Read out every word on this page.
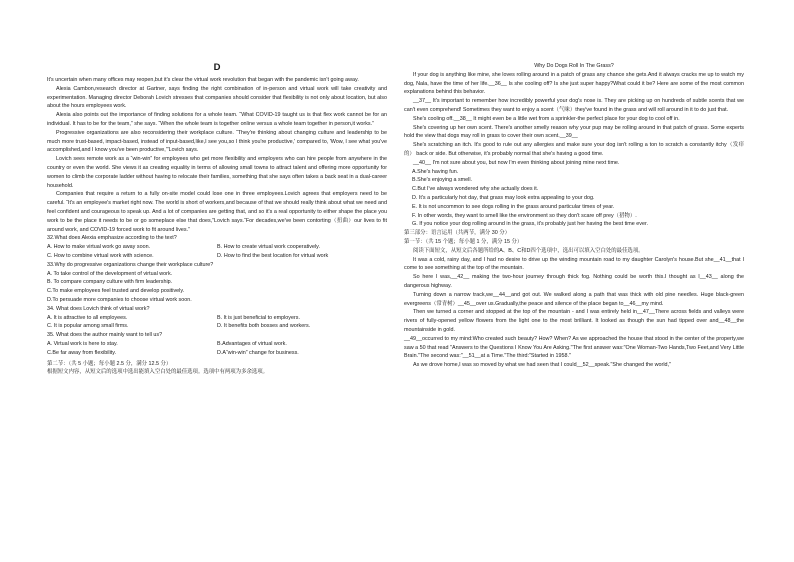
D

It's uncertain when many offices may reopen,but it's clear the virtual work revolution that began with the pandemic isn't going away.

Alexia Cambon,research director at Gartner, says finding the right combination of in-person and virtual work will take creativity and experimentation. Managing director Deborah Lovich stresses that companies should consider that flexibility is not only about location, but also about the hours employees work.

Alexia also points out the importance of finding solutions for a whole team. “What COVID-19 taught us is that flex work cannot be for an individual. It has to be for the team,” she says. “When the whole team is together online versus a whole team together in person,it works.”

Progressive organizations are also reconsidering their workplace culture. “They're thinking about changing culture and leadership to be much more trust-based, impact-based, instead of input-based,like,I see you,so I think you're productive,' compared to, 'Wow, I see what you've accomplished,and I know you've been productive,'”Lovich says.

Lovich sees remote work as a “win-win” for employees who get more flexibility and employers who can hire people from anywhere in the country or even the world. She views it as creating equality in terms of allowing small towns to attract talent and offering more opportunity for women to climb the corporate ladder without having to relocate their families, something that she says often takes a back seat in a dual-career household.

Companies that require a return to a fully on-site model could lose one in three employees.Lovich agrees that employers need to be careful. “It's an employee's market right now. The world is short of workers,and because of that we should really think about what we need and feel confident and courageous to speak up. And a lot of companies are getting that, and so it's a real opportunity to either shape the place you work to be the place it needs to be or go someplace else that does,”Lovich says.“For decades,we've been contorting（扭曲）our lives to fit around work, and COVID-19 forced work to fit around lives.”

32.What does Alexia emphasize according to the text?

A. How to make virtual work go away soon.	B. How to create virtual work cooperatively.
C. How to combine virtual work with science.	D. How to find the best location for virtual work

33.Why do progressive organizations change their workplace culture?

A. To take control of the development of virtual work.

B. To compare company culture with firm leadership.

C.To make employees feel trusted and develop positively.

D.To persuade more companies to choose virtual work soon.

34. What does Lovich think of virtual work?

A. It is attractive to all employees.	B. It is just beneficial to employers.
C. It is popular among small firms.	D. It benefits both bosses and workers.

35. What does the author mainly want to tell us?

A. Virtual work is here to stay.	B.Advantages of virtual work.
C.Be far away from flexibility.	D.A“win-win” change for business.

第二节：（共 5 小题；每小题 2.5 分，满分 12.5 分）

根据短文内容，从短文后的选项中选出能填入空白处的最佳选项。选项中有两项为多余选项。

Why Do Dogs Roll In The Grass?

If your dog is anything like mine, she loves rolling around in a patch of grass any chance she gets.And it always cracks me up to watch my dog, Nala, have the time of her life.__36__ Is she cooling off? Is she just super happy?What could it be? Here are some of the most common explanations behind this behavior.

__37__ It's important to remember how incredibly powerful your dog's nose is. They are picking up on hundreds of subtle scents that we can't even comprehend! Sometimes they want to enjoy a scent（气味）they've found in the grass and will roll around in it to do just that.

She's cooling off.__38__ It might even be a little wet from a sprinkler-the perfect place for your dog to cool off in.

She's covering up her own scent. There's another smelly reason why your pup may be rolling around in that patch of grass. Some experts hold the view that dogs may roll in grass to cover their own scent.__39__

She's scratching an itch. It's good to rule out any allergies and make sure your dog isn't rolling a ton to scratch a constantly itchy（发痒的） back or side. But otherwise, it's probably normal that she's having a good time.

__40__ I'm not sure about you, but now I'm even thinking about joining mine next time.

A.She's having fun.

B.She's enjoying a smell.

C.But I've always wondered why she actually does it.

D. It's a particularly hot day, that grass may look extra appealing to your dog.

E. It is not uncommon to see dogs rolling in the grass around particular times of year.

F. In other words, they want to smell like the environment so they don't scare off prey（猎物）.

G. If you notice your dog rolling around in the grass, it's probably just her having the best time ever.

第三部分：语言运用（共两节，满分 30 分）

第一节：（共 15 个题；每小题 1 分，满分 15 分）

阅读下面短文，从短文后各题所给的A、B、C和D四个选项中，选出可以填入空白处的最佳选项。

It was a cold, rainy day, and I had no desire to drive up the winding mountain road to my daughter Carolyn's house.But she__41__that I come to see something at the top of the mountain.

So here I was,__42__ making the two-hour journey through thick fog. Nothing could be worth this.I thought as I__43__ along the dangerous highway.

Turning down a narrow track,we__44__and got out. We walked along a path that was thick with old pine needles. Huge black-green evergreens（常青树）__45__over us.Gradually,the peace and silence of the place began to__46__my mind.

Then we turned a corner and stopped at the top of the mountain - and I was entirely held in__47__There across fields and valleys were rivers of fully-opened yellow flowers from the light one to the most brilliant. It looked as though the sun had tipped over and__48__the mountainside in gold.

__49__occurred to my mind:Who created such beauty? How? When? As we approached the house that stood in the center of the property,we saw a 50 that read "Answers to the Questions I Know You Are Asking."The first answer was:"One Woman-Two Hands,Two Feet,and Very Little Brain."The second was:"__51__at a Time."The third:"Started in 1958."

As we drove home,I was so moved by what we had seen that I could__52__speak."She changed the world,"
